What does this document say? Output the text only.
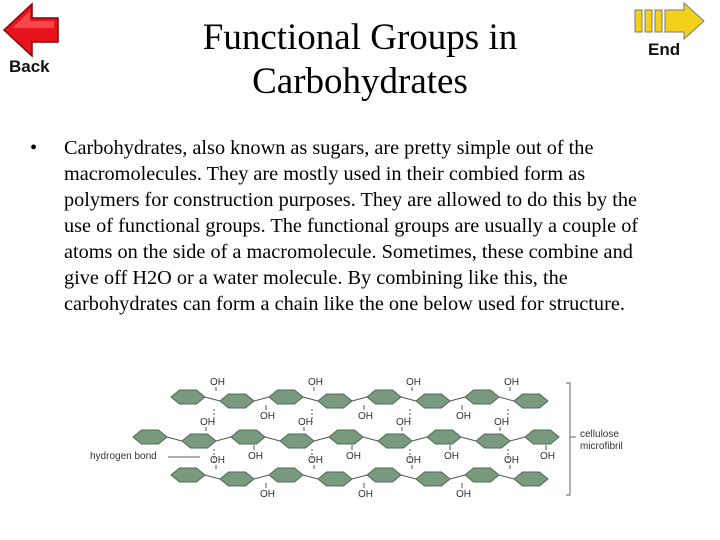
Back
End
Functional Groups in Carbohydrates
• Carbohydrates, also known as sugars, are pretty simple out of the macromolecules. They are mostly used in their combied form as polymers for construction purposes. They are allowed to do this by the use of functional groups. The functional groups are usually a couple of atoms on the side of a macromolecule. Sometimes, these combine and give off H2O or a water molecule. By combining like this, the carbohydrates can form a chain like the one below used for structure.
OH	OH	OH	OH
OH	OH	OH
OH	OH	OH	OH
OH	OH	OH	OH
OH	OH	OH	OH
OH	OH	OH
cellulose
microfibril
hydrogen bond
